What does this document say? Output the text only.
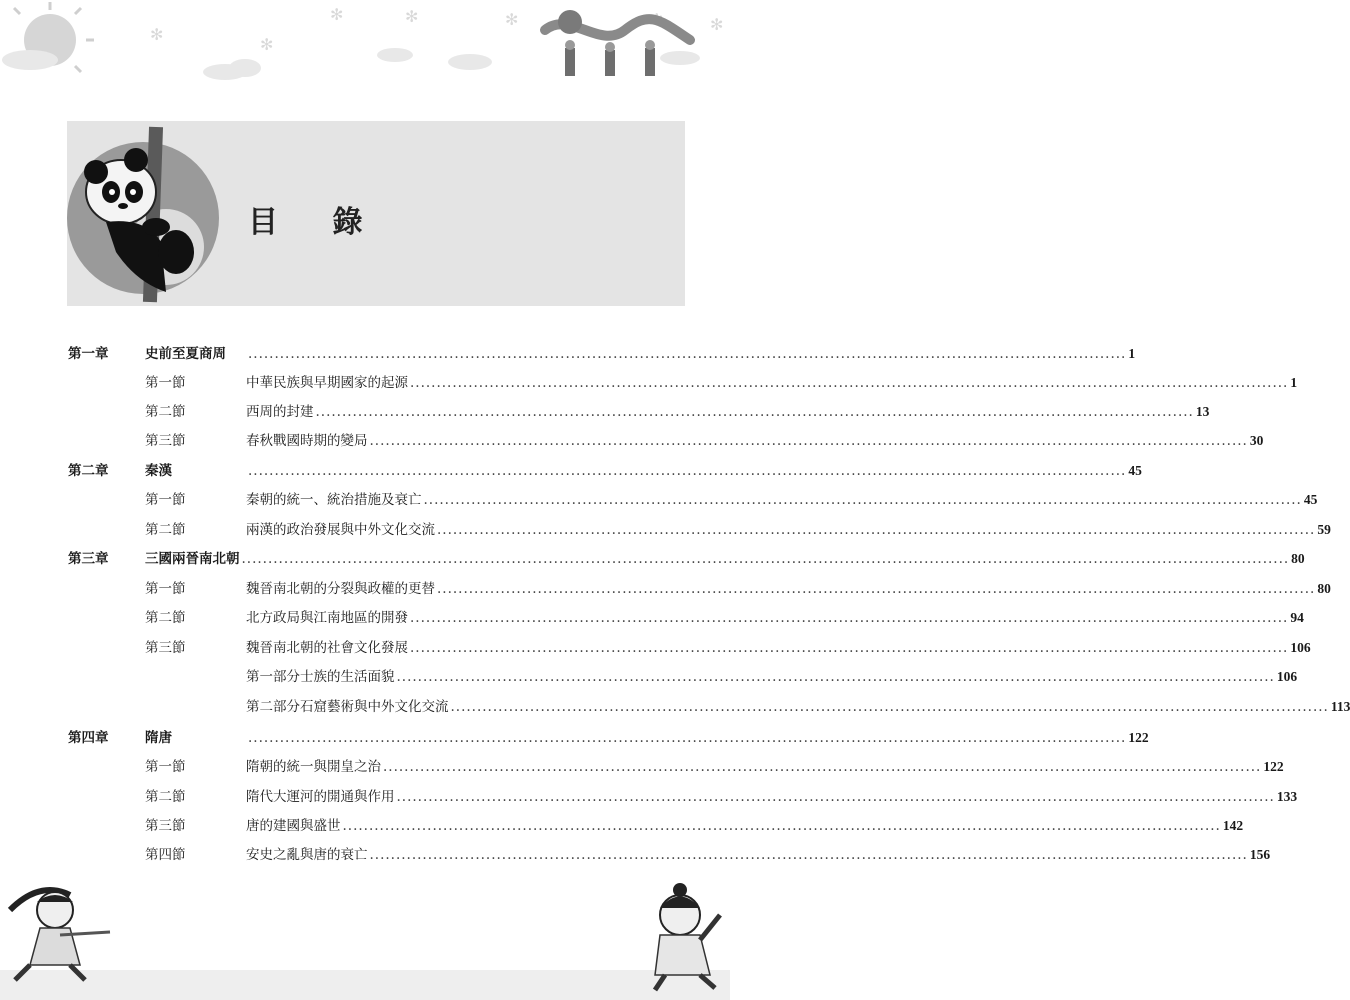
✻
✻
✻	✻	✻	✻	✻
目 錄
第一章	史前至夏商周 ...................................................................................................................................................................... 1
第一節	中華民族與早期國家的起源 ...................................................................................................................................................................... 1
第二節	西周的封建 ...................................................................................................................................................................... 13
第三節	春秋戰國時期的變局 ...................................................................................................................................................................... 30
第二章	秦漢	...................................................................................................................................................................... 45
第一節	秦朝的統一、統治措施及衰亡 ...................................................................................................................................................................... 45
第二節	兩漢的政治發展與中外文化交流 ...................................................................................................................................................................... 59
第三章	三國兩晉南北朝 ...................................................................................................................................................................................................... 80
第一節	魏晉南北朝的分裂與政權的更替 ...................................................................................................................................................................... 80
第二節	北方政局與江南地區的開發 ...................................................................................................................................................................... 94
第三節	魏晉南北朝的社會文化發展 ...................................................................................................................................................................... 106
第一部分 士族的生活面貌 ...................................................................................................................................................................... 106
第二部分 石窟藝術與中外文化交流 ...................................................................................................................................................................... 113
第四章	隋唐	...................................................................................................................................................................... 122
第一節	隋朝的統一與開皇之治 ...................................................................................................................................................................... 122
第二節	隋代大運河的開通與作用 ...................................................................................................................................................................... 133
第三節	唐的建國與盛世 ...................................................................................................................................................................... 142
第四節	安史之亂與唐的衰亡 ...................................................................................................................................................................... 156
